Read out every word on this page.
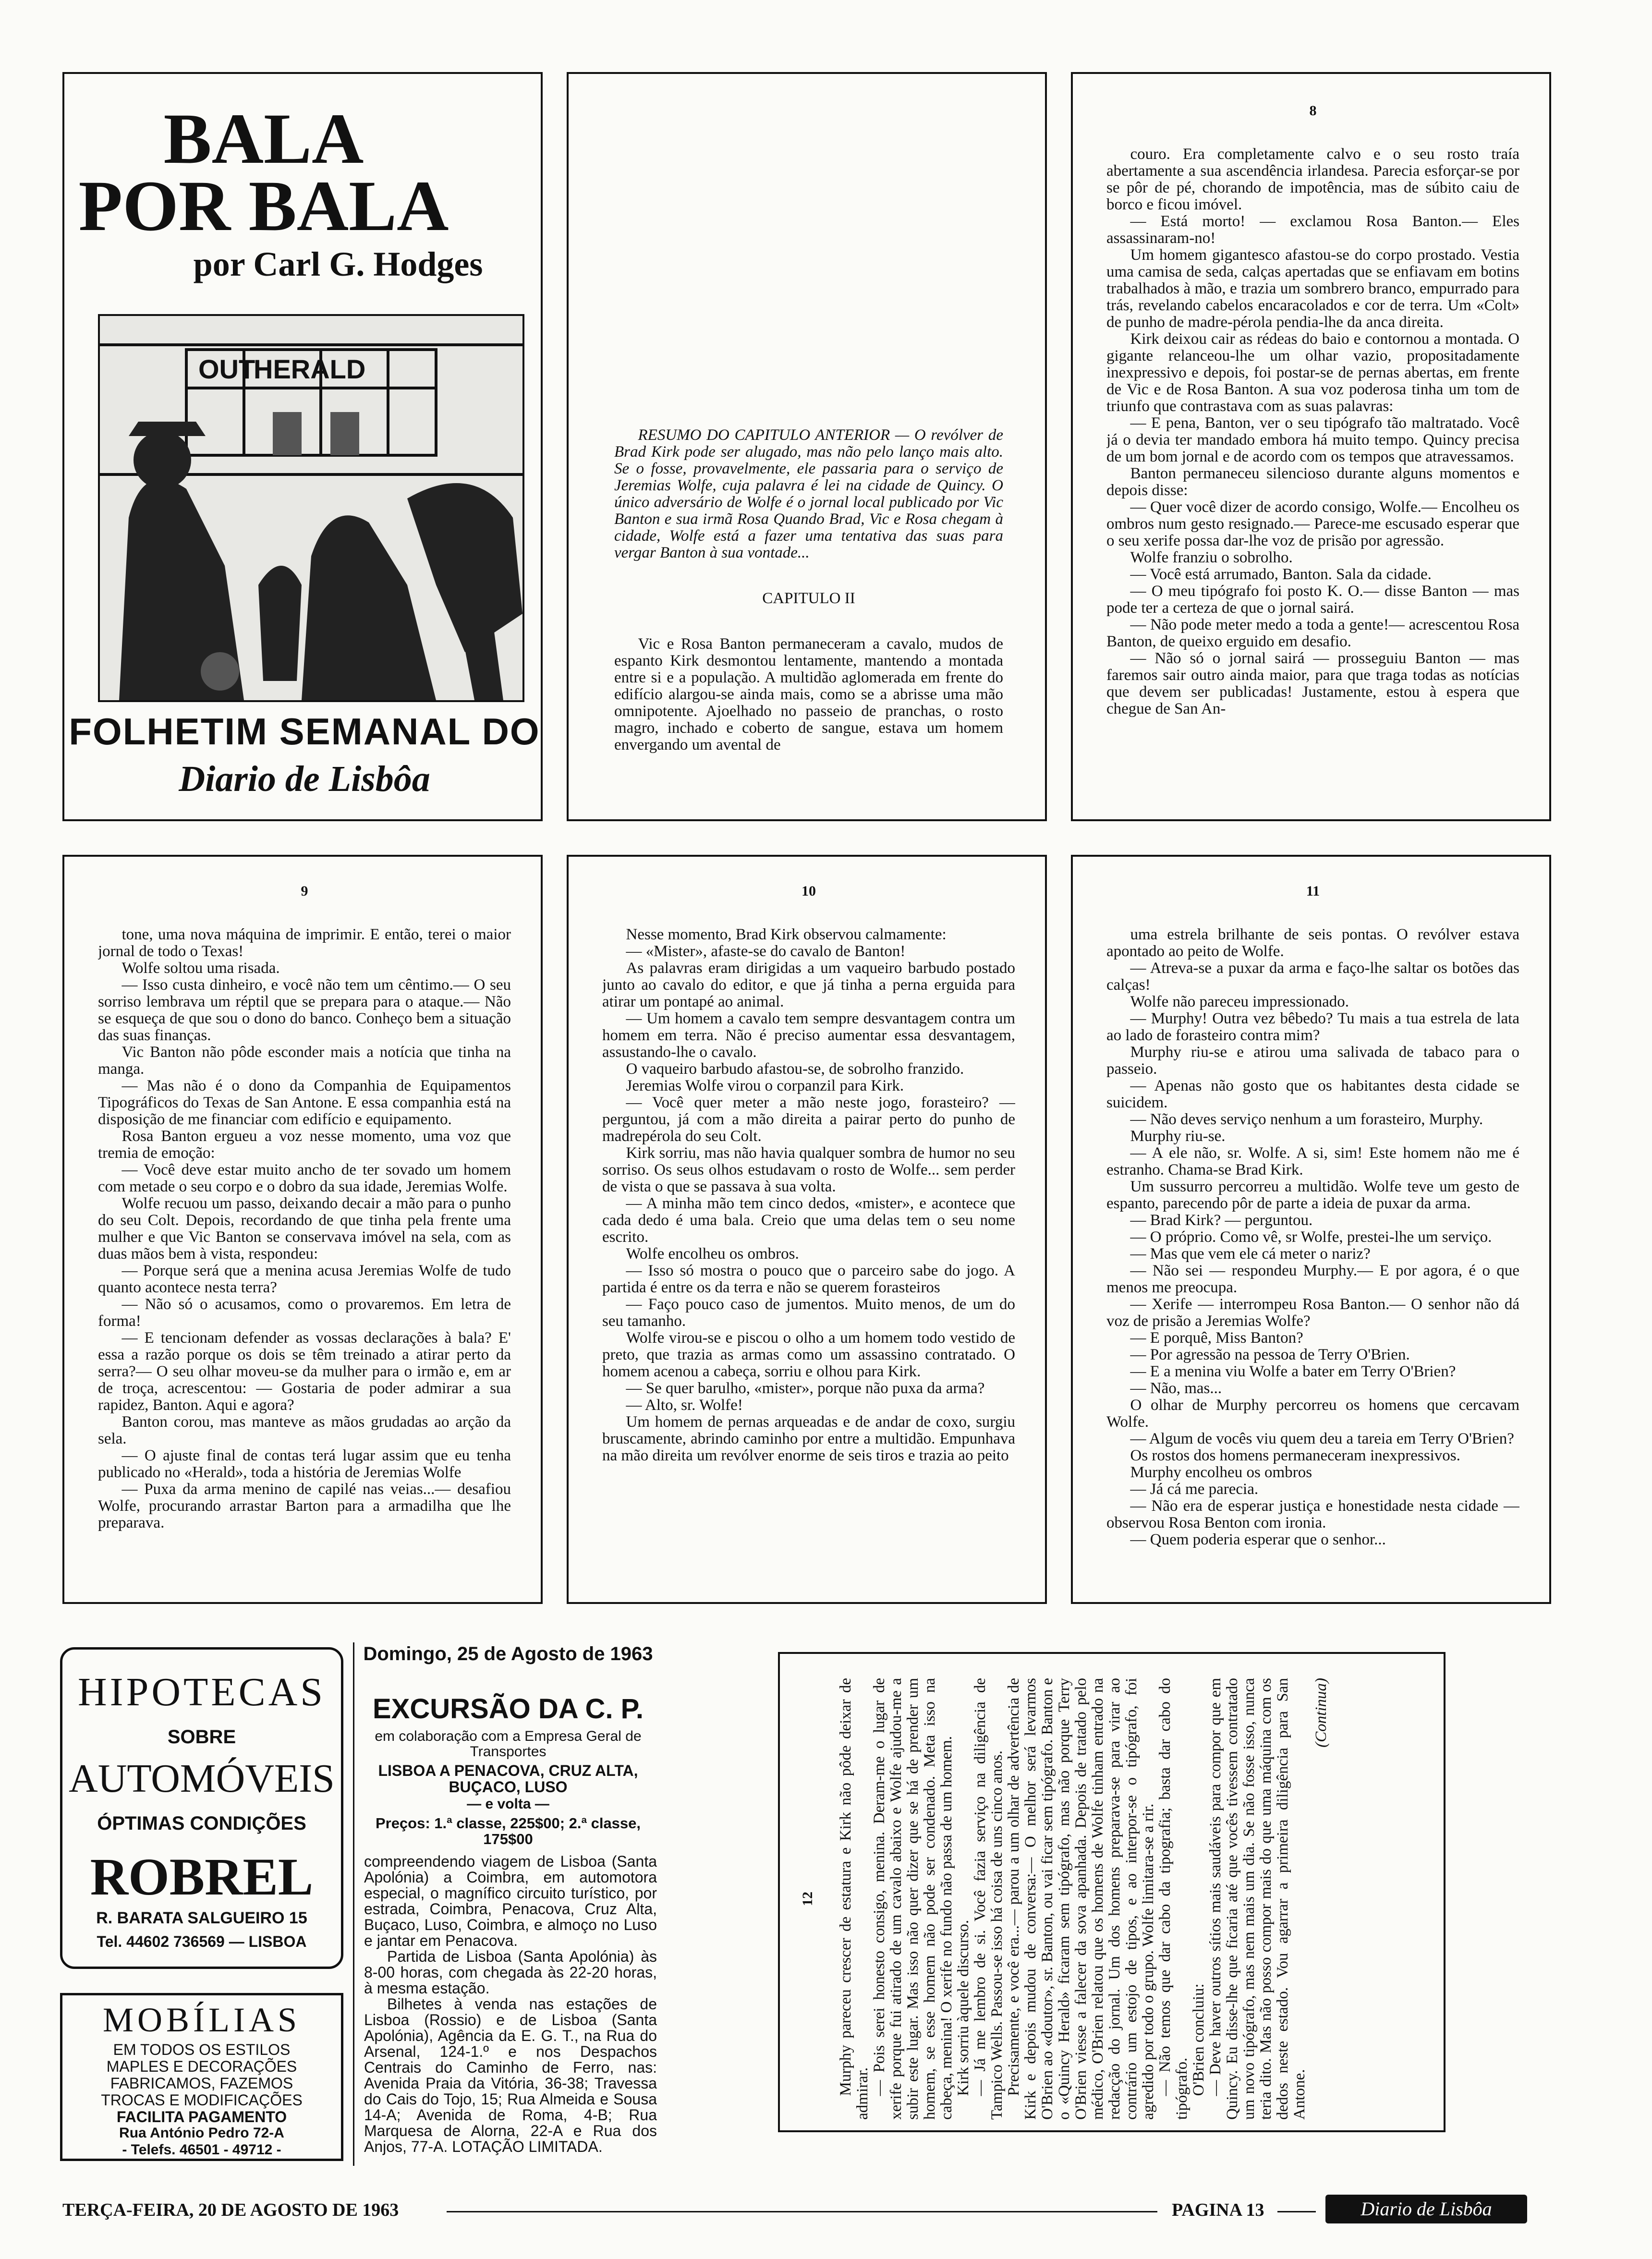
BALA
POR BALA
por Carl G. Hodges
OUT
HERALD
FOLHETIM SEMANAL DO
Diario de Lisbôa

RESUMO DO CAPITULO ANTERIOR — O revólver de Brad Kirk pode ser alugado, mas não pelo lanço mais alto. Se o fosse, provavelmente, ele passaria para o serviço de Jeremias Wolfe, cuja palavra é lei na cidade de Quincy. O único adversário de Wolfe é o jornal local publicado por Vic Banton e sua irmã Rosa Quando Brad, Vic e Rosa chegam à cidade, Wolfe está a fazer uma tentativa das suas para vergar Banton à sua vontade...

CAPITULO II

Vic e Rosa Banton permaneceram a cavalo, mudos de espanto Kirk desmontou lentamente, mantendo a montada entre si e a população. A multidão aglomerada em frente do edifício alargou-se ainda mais, como se a abrisse uma mão omnipotente. Ajoelhado no passeio de pranchas, o rosto magro, inchado e coberto de sangue, estava um homem envergando um avental de

8

couro. Era completamente calvo e o seu rosto traía abertamente a sua ascendência irlandesa. Parecia esforçar-se por se pôr de pé, chorando de impotência, mas de súbito caiu de borco e ficou imóvel.

— Está morto! — exclamou Rosa Banton.— Eles assassinaram-no!

Um homem gigantesco afastou-se do corpo prostado. Vestia uma camisa de seda, calças apertadas que se enfiavam em botins trabalhados à mão, e trazia um sombrero branco, empurrado para trás, revelando cabelos encaracolados e cor de terra. Um «Colt» de punho de madre-pérola pendia-lhe da anca direita.

Kirk deixou cair as rédeas do baio e contornou a montada. O gigante relanceou-lhe um olhar vazio, propositadamente inexpressivo e depois, foi postar-se de pernas abertas, em frente de Vic e de Rosa Banton. A sua voz poderosa tinha um tom de triunfo que contrastava com as suas palavras:

— E pena, Banton, ver o seu tipógrafo tão maltratado. Você já o devia ter mandado embora há muito tempo. Quincy precisa de um bom jornal e de acordo com os tempos que atravessamos.

Banton permaneceu silencioso durante alguns momentos e depois disse:

— Quer você dizer de acordo consigo, Wolfe.— Encolheu os ombros num gesto resignado.— Parece-me escusado esperar que o seu xerife possa dar-lhe voz de prisão por agressão.

Wolfe franziu o sobrolho.

— Você está arrumado, Banton. Sala da cidade.

— O meu tipógrafo foi posto K. O.— disse Banton — mas pode ter a certeza de que o jornal sairá.

— Não pode meter medo a toda a gente!— acrescentou Rosa Banton, de queixo erguido em desafio.

— Não só o jornal sairá — prosseguiu Banton — mas faremos sair outro ainda maior, para que traga todas as notícias que devem ser publicadas! Justamente, estou à espera que chegue de San An-

9

tone, uma nova máquina de imprimir. E então, terei o maior jornal de todo o Texas!

Wolfe soltou uma risada.

— Isso custa dinheiro, e você não tem um cêntimo.— O seu sorriso lembrava um réptil que se prepara para o ataque.— Não se esqueça de que sou o dono do banco. Conheço bem a situação das suas finanças.

Vic Banton não pôde esconder mais a notícia que tinha na manga.

— Mas não é o dono da Companhia de Equipamentos Tipográficos do Texas de San Antone. E essa companhia está na disposição de me financiar com edifício e equipamento.

Rosa Banton ergueu a voz nesse momento, uma voz que tremia de emoção:

— Você deve estar muito ancho de ter sovado um homem com metade o seu corpo e o dobro da sua idade, Jeremias Wolfe.

Wolfe recuou um passo, deixando decair a mão para o punho do seu Colt. Depois, recordando de que tinha pela frente uma mulher e que Vic Banton se conservava imóvel na sela, com as duas mãos bem à vista, respondeu:

— Porque será que a menina acusa Jeremias Wolfe de tudo quanto acontece nesta terra?

— Não só o acusamos, como o provaremos. Em letra de forma!

— E tencionam defender as vossas declarações à bala? E' essa a razão porque os dois se têm treinado a atirar perto da serra?— O seu olhar moveu-se da mulher para o irmão e, em ar de troça, acrescentou: — Gostaria de poder admirar a sua rapidez, Banton. Aqui e agora?

Banton corou, mas manteve as mãos grudadas ao arção da sela.

— O ajuste final de contas terá lugar assim que eu tenha publicado no «Herald», toda a história de Jeremias Wolfe

— Puxa da arma menino de capilé nas veias...— desafiou Wolfe, procurando arrastar Barton para a armadilha que lhe preparava.

10

Nesse momento, Brad Kirk observou calmamente:

— «Mister», afaste-se do cavalo de Banton!

As palavras eram dirigidas a um vaqueiro barbudo postado junto ao cavalo do editor, e que já tinha a perna erguida para atirar um pontapé ao animal.

— Um homem a cavalo tem sempre desvantagem contra um homem em terra. Não é preciso aumentar essa desvantagem, assustando-lhe o cavalo.

O vaqueiro barbudo afastou-se, de sobrolho franzido.

Jeremias Wolfe virou o corpanzil para Kirk.

— Você quer meter a mão neste jogo, forasteiro? — perguntou, já com a mão direita a pairar perto do punho de madrepérola do seu Colt.

Kirk sorriu, mas não havia qualquer sombra de humor no seu sorriso. Os seus olhos estudavam o rosto de Wolfe... sem perder de vista o que se passava à sua volta.

— A minha mão tem cinco dedos, «mister», e acontece que cada dedo é uma bala. Creio que uma delas tem o seu nome escrito.

Wolfe encolheu os ombros.

— Isso só mostra o pouco que o parceiro sabe do jogo. A partida é entre os da terra e não se querem forasteiros

— Faço pouco caso de jumentos. Muito menos, de um do seu tamanho.

Wolfe virou-se e piscou o olho a um homem todo vestido de preto, que trazia as armas como um assassino contratado. O homem acenou a cabeça, sorriu e olhou para Kirk.

— Se quer barulho, «mister», porque não puxa da arma?

— Alto, sr. Wolfe!

Um homem de pernas arqueadas e de andar de coxo, surgiu bruscamente, abrindo caminho por entre a multidão. Empunhava na mão direita um revólver enorme de seis tiros e trazia ao peito

11

uma estrela brilhante de seis pontas. O revólver estava apontado ao peito de Wolfe.

— Atreva-se a puxar da arma e faço-lhe saltar os botões das calças!

Wolfe não pareceu impressionado.

— Murphy! Outra vez bêbedo? Tu mais a tua estrela de lata ao lado de forasteiro contra mim?

Murphy riu-se e atirou uma salivada de tabaco para o passeio.

— Apenas não gosto que os habitantes desta cidade se suicidem.

— Não deves serviço nenhum a um forasteiro, Murphy.

Murphy riu-se.

— A ele não, sr. Wolfe. A si, sim! Este homem não me é estranho. Chama-se Brad Kirk.

Um sussurro percorreu a multidão. Wolfe teve um gesto de espanto, parecendo pôr de parte a ideia de puxar da arma.

— Brad Kirk? — perguntou.

— O próprio. Como vê, sr Wolfe, prestei-lhe um serviço.

— Mas que vem ele cá meter o nariz?

— Não sei — respondeu Murphy.— E por agora, é o que menos me preocupa.

— Xerife — interrompeu Rosa Banton.— O senhor não dá voz de prisão a Jeremias Wolfe?

— E porquê, Miss Banton?

— Por agressão na pessoa de Terry O'Brien.

— E a menina viu Wolfe a bater em Terry O'Brien?

— Não, mas...

O olhar de Murphy percorreu os homens que cercavam Wolfe.

— Algum de vocês viu quem deu a tareia em Terry O'Brien?

Os rostos dos homens permaneceram inexpressivos.

Murphy encolheu os ombros

— Já cá me parecia.

— Não era de esperar justiça e honestidade nesta cidade — observou Rosa Benton com ironia.

— Quem poderia esperar que o senhor...

HIPOTECAS
SOBRE
AUTOMÓVEIS
ÓPTIMAS CONDIÇÕES
ROBREL
R. BARATA SALGUEIRO 15
Tel. 44602 736569 — LISBOA
MOBÍLIAS
EM TODOS OS ESTILOS
MAPLES E DECORAÇÕES
FABRICAMOS, FAZEMOS
TROCAS E MODIFICAÇÕES
FACILITA PAGAMENTO
Rua António Pedro 72-A
- Telefs. 46501 - 49712 -
Domingo, 25 de Agosto de 1963
EXCURSÃO DA C. P.
em colaboração com a Empresa Geral de Transportes
LISBOA A PENACOVA, CRUZ ALTA, BUÇACO, LUSO
— e volta —
Preços: 1.ª classe, 225$00; 2.ª classe, 175$00

compreendendo viagem de Lisboa (Santa Apolónia) a Coimbra, em automotora especial, o magnífico circuito turístico, por estrada, Coimbra, Penacova, Cruz Alta, Buçaco, Luso, Coimbra, e almoço no Luso e jantar em Penacova.

Partida de Lisboa (Santa Apolónia) às 8-00 horas, com chegada às 22-20 horas, à mesma estação.

Bilhetes à venda nas estações de Lisboa (Rossio) e de Lisboa (Santa Apolónia), Agência da E. G. T., na Rua do Arsenal, 124-1.º e nos Despachos Centrais do Caminho de Ferro, nas: Avenida Praia da Vitória, 36-38; Travessa do Cais do Tojo, 15; Rua Almeida e Sousa 14-A; Avenida de Roma, 4-B; Rua Marquesa de Alorna, 22-A e Rua dos Anjos, 77-A. LOTAÇÃO LIMITADA.

12	Murphy pareceu crescer de estatura e Kirk não pôde deixar de admirar. — Pois serei honesto consigo, menina. Deram-me o lugar de xerife porque fui atirado de um cavalo abaixo e Wolfe ajudou-me a subir este lugar. Mas isso não quer dizer que se há de prender um homem, se esse homem não pode ser condenado. Meta isso na cabeça, menina! O xerife no fundo não passa de um homem. Kirk sorriu àquele discurso. — Já me lembro de si. Você fazia serviço na diligência de Tampico Wells. Passou-se isso há coisa de uns cinco anos. Precisamente, e você era...— parou a um olhar de advertência de Kirk e depois mudou de conversa:— O melhor será levarmos O'Brien ao «doutor», sr. Banton, ou vai ficar sem tipógrafo. Banton e o «Quincy Herald» ficaram sem tipógrafo, mas não porque Terry O'Brien viesse a falecer da sova apanhada. Depois de tratado pelo médico, O'Brien relatou que os homens de Wolfe tinham entrado na redacção do jornal. Um dos homens preparava-se para virar ao contrário um estojo de tipos, e ao interpor-se o tipógrafo, foi agredido por todo o grupo. Wolfe limitara-se a rir. — Não temos que dar cabo da tipografia; basta dar cabo do tipógrafo. O'Brien concluiu: — Deve haver outros sítios mais saudáveis para compor que em Quincy. Eu disse-lhe que ficaria até que vocês tivessem contratado um novo tipógrafo, mas nem mais um dia. Se não fosse isso, nunca teria dito. Mas não posso compor mais do que uma máquina com os dedos neste estado. Vou agarrar a primeira diligência para San Antone.

(Continua)

TERÇA-FEIRA, 20 DE AGOSTO DE 1963	PAGINA 13	Diario de Lisbôa
